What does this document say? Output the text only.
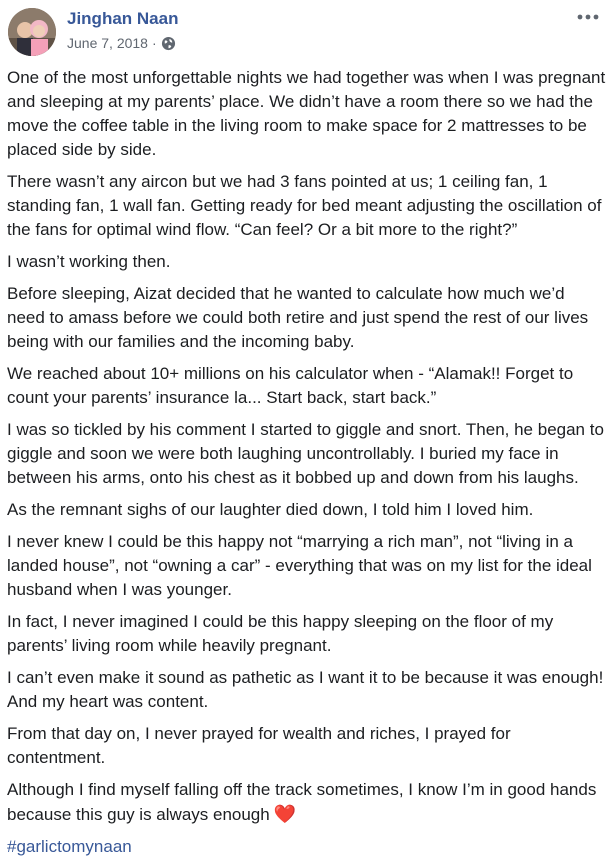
Jinghan Naan
June 7, 2018 ·

One of the most unforgettable nights we had together was when I was pregnant and sleeping at my parents’ place. We didn’t have a room there so we had the move the coffee table in the living room to make space for 2 mattresses to be placed side by side.

There wasn’t any aircon but we had 3 fans pointed at us; 1 ceiling fan, 1 standing fan, 1 wall fan. Getting ready for bed meant adjusting the oscillation of the fans for optimal wind flow. “Can feel? Or a bit more to the right?”

I wasn’t working then.

Before sleeping, Aizat decided that he wanted to calculate how much we’d need to amass before we could both retire and just spend the rest of our lives being with our families and the incoming baby.

We reached about 10+ millions on his calculator when - “Alamak!! Forget to count your parents’ insurance la... Start back, start back.”

I was so tickled by his comment I started to giggle and snort. Then, he began to giggle and soon we were both laughing uncontrollably. I buried my face in between his arms, onto his chest as it bobbed up and down from his laughs.

As the remnant sighs of our laughter died down, I told him I loved him.

I never knew I could be this happy not “marrying a rich man”, not “living in a landed house”, not “owning a car” - everything that was on my list for the ideal husband when I was younger.

In fact, I never imagined I could be this happy sleeping on the floor of my parents’ living room while heavily pregnant.

I can’t even make it sound as pathetic as I want it to be because it was enough! And my heart was content.

From that day on, I never prayed for wealth and riches, I prayed for contentment.

Although I find myself falling off the track sometimes, I know I’m in good hands because this guy is always enough ❤️

#garlictomynaan
